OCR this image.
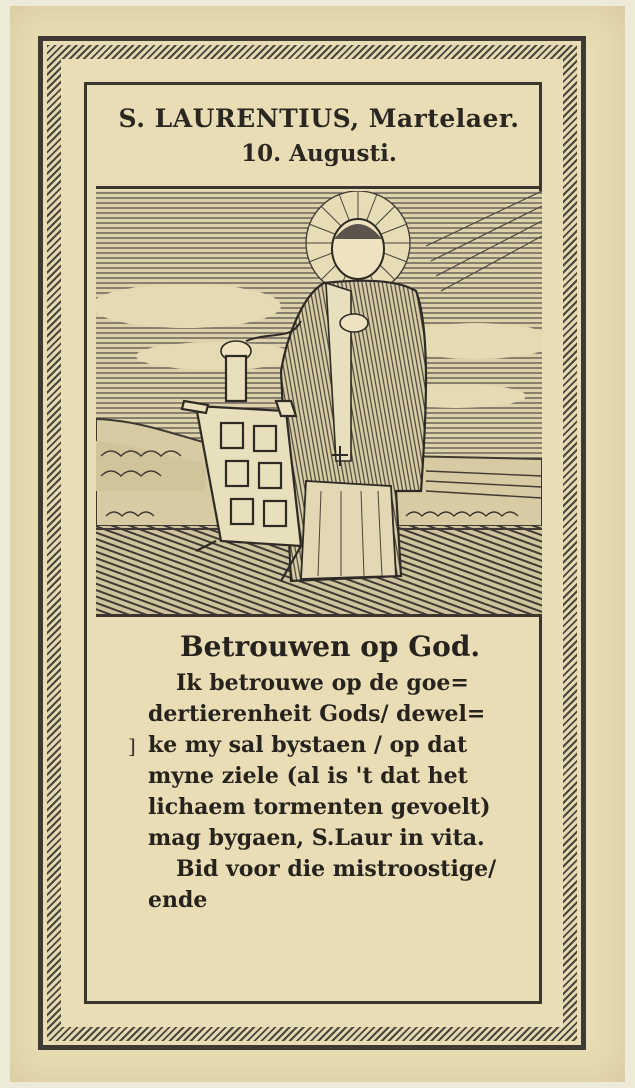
S. LAURENTIUS, Martelaer.
10. Augusti.
]
Betrouwen op God.
Ik betrouwe op de goe=
dertierenheit Gods/ dewel=
ke my sal bystaen / op dat
myne ziele (al is 't dat het
lichaem tormenten gevoelt)
mag bygaen, S.Laur in vita.
Bid voor die mistroostige/
ende
